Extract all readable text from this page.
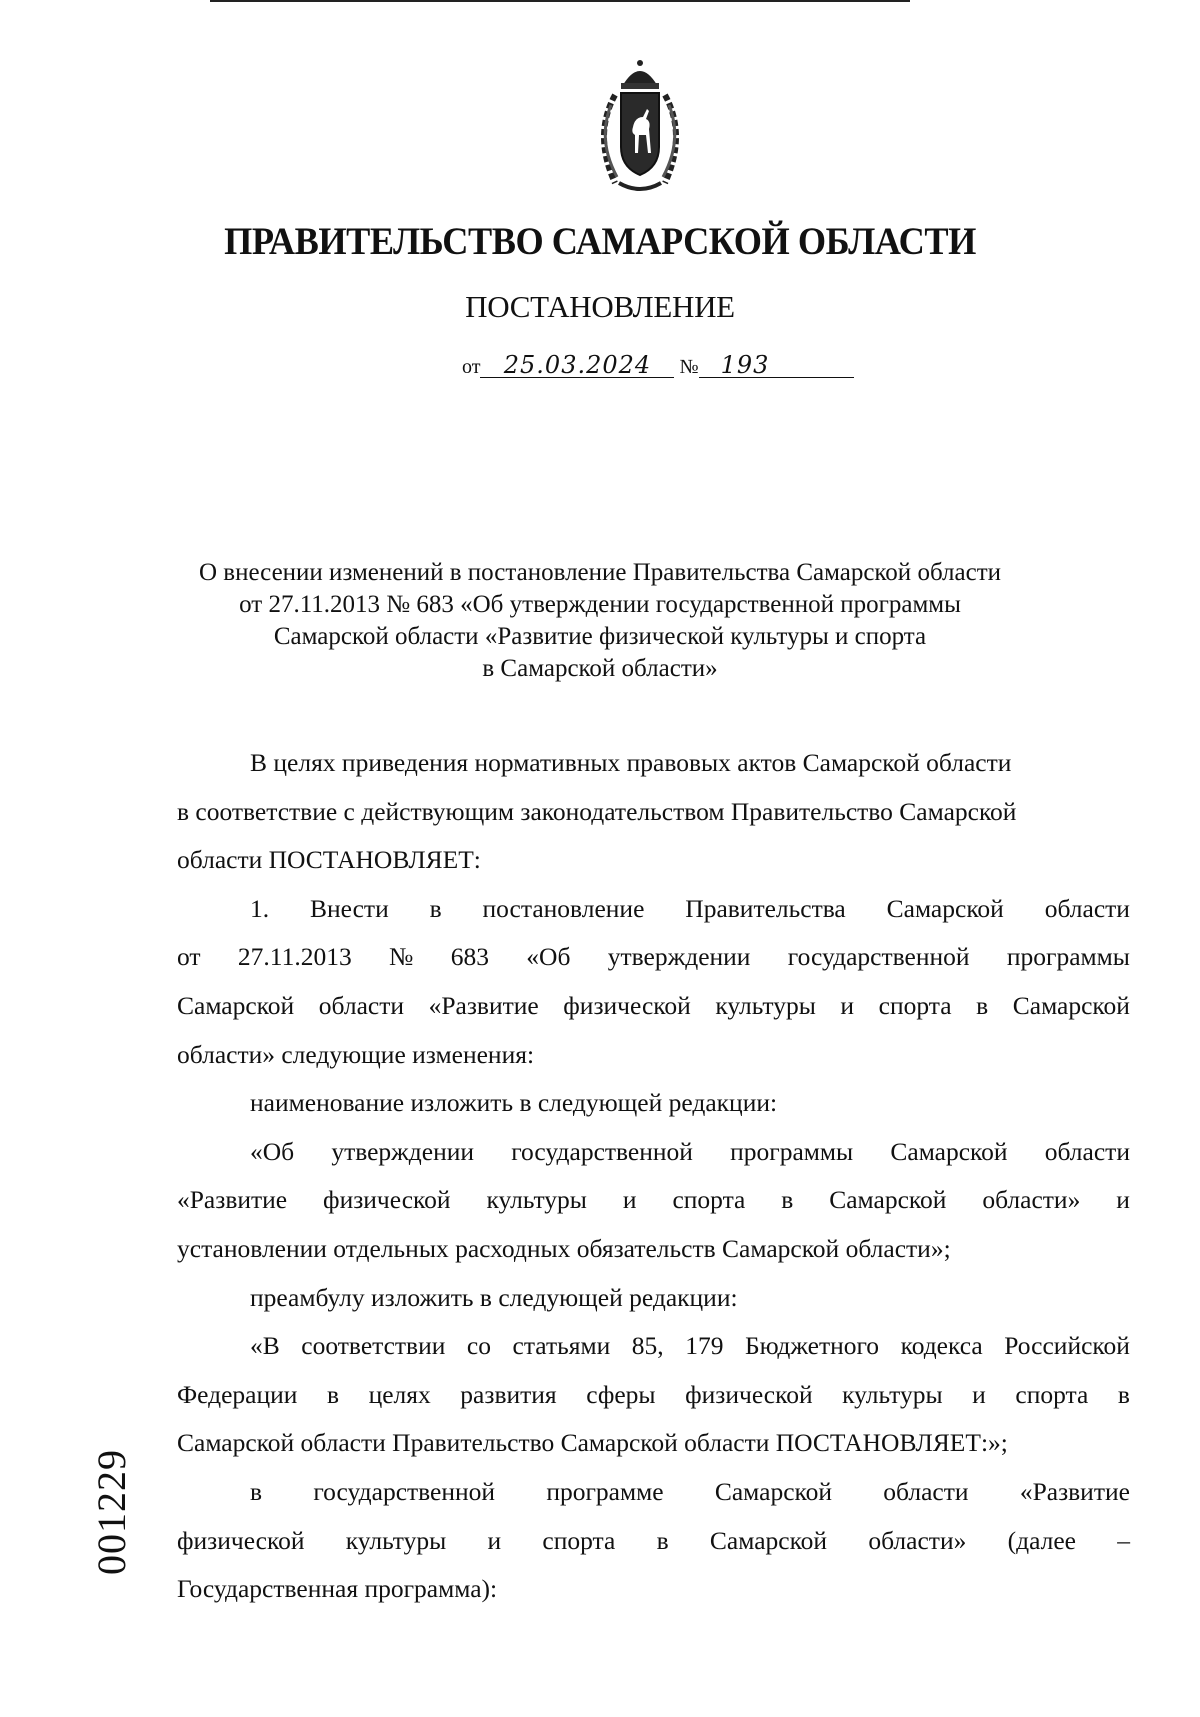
ПРАВИТЕЛЬСТВО САМАРСКОЙ ОБЛАСТИ
ПОСТАНОВЛЕНИЕ
от 25.03.2024 № 193
О внесении изменений в постановление Правительства Самарской области
от 27.11.2013 № 683 «Об утверждении государственной программы
Самарской области «Развитие физической культуры и спорта
в Самарской области»
В целях приведения нормативных правовых актов Самарской области
в соответствие с действующим законодательством Правительство Самарской
области ПОСТАНОВЛЯЕТ:
1. Внести в постановление Правительства Самарской области
от 27.11.2013 № 683 «Об утверждении государственной программы
Самарской области «Развитие физической культуры и спорта в Самарской
области» следующие изменения:
наименование изложить в следующей редакции:
«Об утверждении государственной программы Самарской области
«Развитие физической культуры и спорта в Самарской области» и
установлении отдельных расходных обязательств Самарской области»;
преамбулу изложить в следующей редакции:
«В соответствии со статьями 85, 179 Бюджетного кодекса Российской
Федерации в целях развития сферы физической культуры и спорта в
Самарской области Правительство Самарской области ПОСТАНОВЛЯЕТ:»;
в государственной программе Самарской области «Развитие
физической культуры и спорта в Самарской области» (далее –
Государственная программа):
001229
